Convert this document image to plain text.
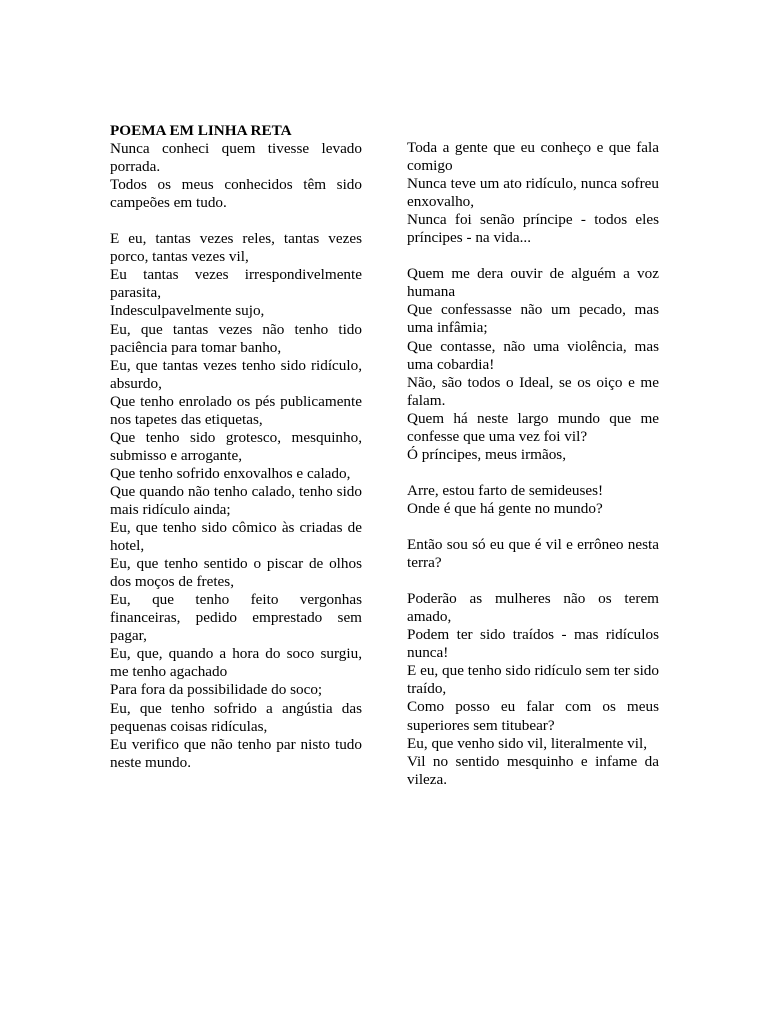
POEMA EM LINHA RETA
Nunca conheci quem tivesse levado porrada.
Todos os meus conhecidos têm sido campeões em tudo.
E eu, tantas vezes reles, tantas vezes porco, tantas vezes vil,
Eu tantas vezes irrespondivelmente parasita,
Indesculpavelmente sujo,
Eu, que tantas vezes não tenho tido paciência para tomar banho,
Eu, que tantas vezes tenho sido ridículo, absurdo,
Que tenho enrolado os pés publicamente nos tapetes das etiquetas,
Que tenho sido grotesco, mesquinho, submisso e arrogante,
Que tenho sofrido enxovalhos e calado,
Que quando não tenho calado, tenho sido mais ridículo ainda;
Eu, que tenho sido cômico às criadas de hotel,
Eu, que tenho sentido o piscar de olhos dos moços de fretes,
Eu, que tenho feito vergonhas financeiras, pedido emprestado sem pagar,
Eu, que, quando a hora do soco surgiu, me tenho agachado
Para fora da possibilidade do soco;
Eu, que tenho sofrido a angústia das pequenas coisas ridículas,
Eu verifico que não tenho par nisto tudo neste mundo.
Toda a gente que eu conheço e que fala comigo
Nunca teve um ato ridículo, nunca sofreu enxovalho,
Nunca foi senão príncipe - todos eles príncipes - na vida...
Quem me dera ouvir de alguém a voz humana
Que confessasse não um pecado, mas uma infâmia;
Que contasse, não uma violência, mas uma cobardia!
Não, são todos o Ideal, se os oiço e me falam.
Quem há neste largo mundo que me confesse que uma vez foi vil?
Ó príncipes, meus irmãos,
Arre, estou farto de semideuses!
Onde é que há gente no mundo?
Então sou só eu que é vil e errôneo nesta terra?
Poderão as mulheres não os terem amado,
Podem ter sido traídos - mas ridículos nunca!
E eu, que tenho sido ridículo sem ter sido traído,
Como posso eu falar com os meus superiores sem titubear?
Eu, que venho sido vil, literalmente vil,
Vil no sentido mesquinho e infame da vileza.
